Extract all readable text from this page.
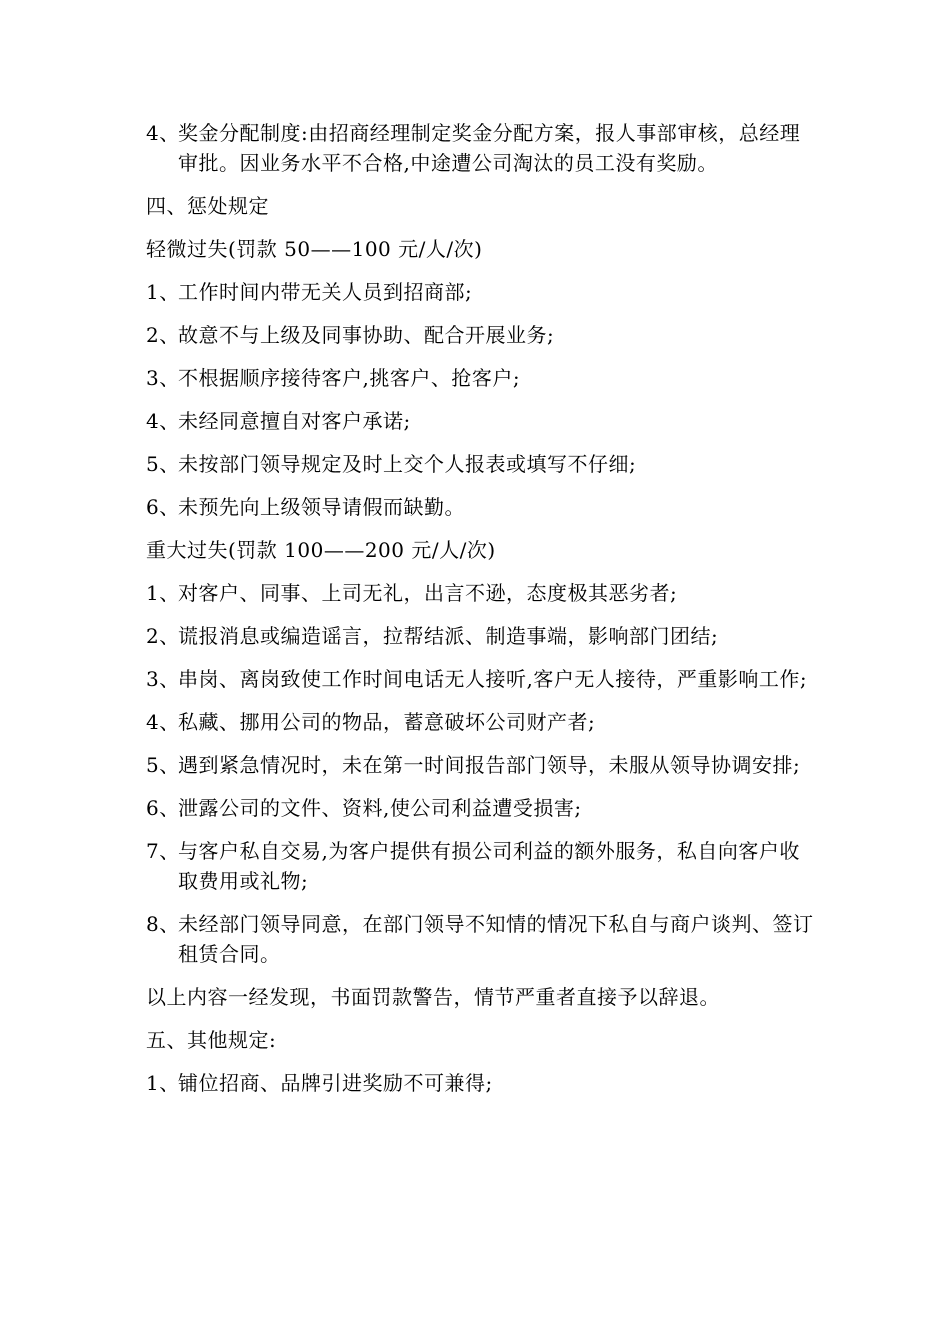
4、
奖金分配制度:由招商经理制定奖金分配方案，报人事部审核，总经理审批。因业务水平不合格,中途遭公司淘汰的员工没有奖励。
四、惩处规定
轻微过失(罚款 50——100 元/人/次)
1、
工作时间内带无关人员到招商部;
2、
故意不与上级及同事协助、配合开展业务;
3、
不根据顺序接待客户,挑客户、抢客户;
4、
未经同意擅自对客户承诺;
5、
未按部门领导规定及时上交个人报表或填写不仔细;
6、
未预先向上级领导请假而缺勤。
重大过失(罚款 100——200 元/人/次)
1、
对客户、同事、上司无礼，出言不逊，态度极其恶劣者;
2、
谎报消息或编造谣言，拉帮结派、制造事端，影响部门团结;
3、
串岗、离岗致使工作时间电话无人接听,客户无人接待，严重影响工作;
4、
私藏、挪用公司的物品，蓄意破坏公司财产者;
5、
遇到紧急情况时，未在第一时间报告部门领导，未服从领导协调安排;
6、
泄露公司的文件、资料,使公司利益遭受损害;
7、
与客户私自交易,为客户提供有损公司利益的额外服务，私自向客户收取费用或礼物;
8、
未经部门领导同意，在部门领导不知情的情况下私自与商户谈判、签订租赁合同。
以上内容一经发现，书面罚款警告，情节严重者直接予以辞退。
五、其他规定:
1、
铺位招商、品牌引进奖励不可兼得;
